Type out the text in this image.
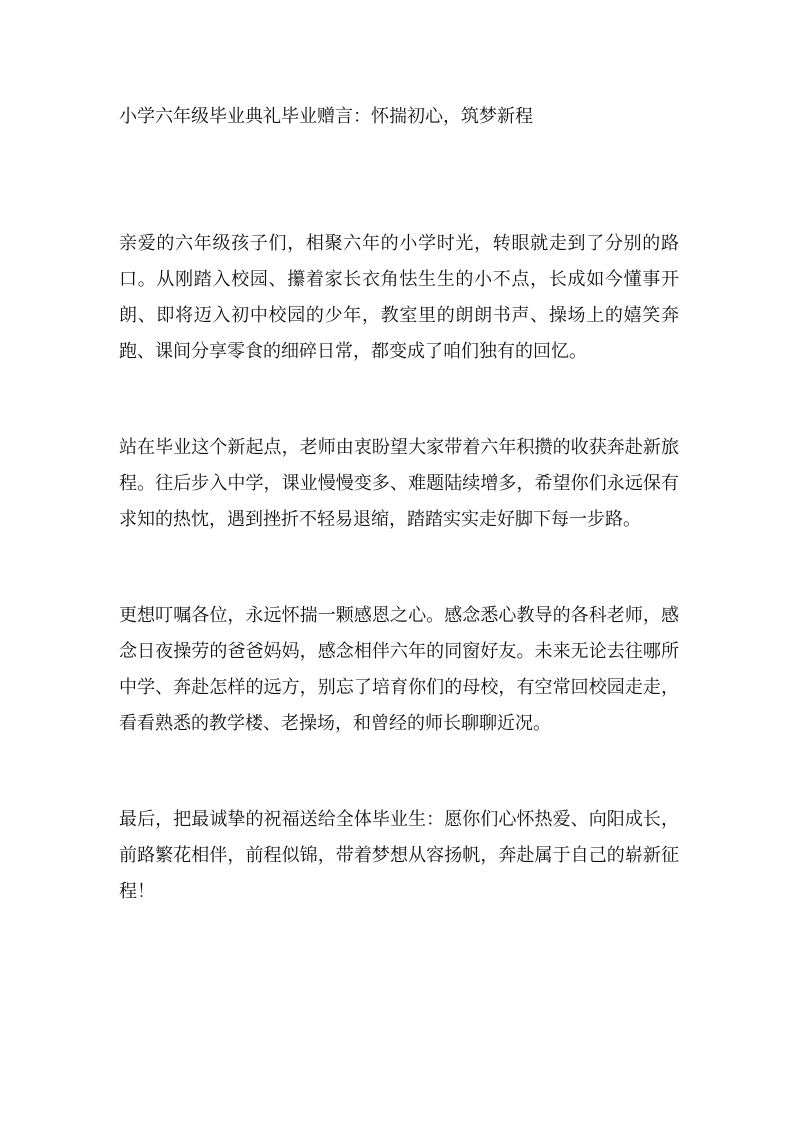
小学六年级毕业典礼毕业赠言：怀揣初心，筑梦新程

亲爱的六年级孩子们，相聚六年的小学时光，转眼就走到了分别的路口。从刚踏入校园、攥着家长衣角怯生生的小不点，长成如今懂事开朗、即将迈入初中校园的少年，教室里的朗朗书声、操场上的嬉笑奔跑、课间分享零食的细碎日常，都变成了咱们独有的回忆。

站在毕业这个新起点，老师由衷盼望大家带着六年积攒的收获奔赴新旅程。往后步入中学，课业慢慢变多、难题陆续增多，希望你们永远保有求知的热忱，遇到挫折不轻易退缩，踏踏实实走好脚下每一步路。

更想叮嘱各位，永远怀揣一颗感恩之心。感念悉心教导的各科老师，感念日夜操劳的爸爸妈妈，感念相伴六年的同窗好友。未来无论去往哪所中学、奔赴怎样的远方，别忘了培育你们的母校，有空常回校园走走，看看熟悉的教学楼、老操场，和曾经的师长聊聊近况。

最后，把最诚挚的祝福送给全体毕业生：愿你们心怀热爱、向阳成长，前路繁花相伴，前程似锦，带着梦想从容扬帆，奔赴属于自己的崭新征程！
